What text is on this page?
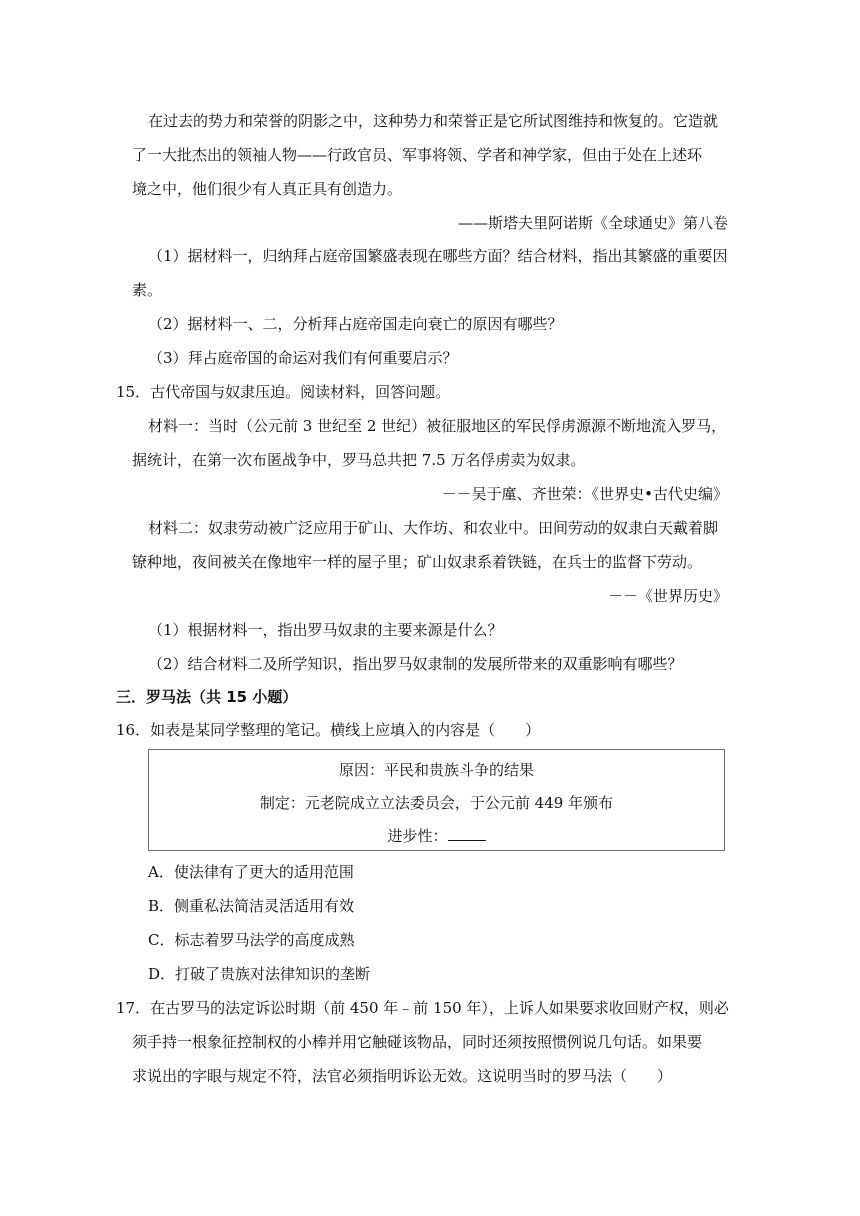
在过去的势力和荣誉的阴影之中，这种势力和荣誉正是它所试图维持和恢复的。它造就
了一大批杰出的领袖人物——行政官员、军事将领、学者和神学家，但由于处在上述环
境之中，他们很少有人真正具有创造力。
——斯塔夫里阿诺斯《全球通史》第八卷
（1）据材料一，归纳拜占庭帝国繁盛表现在哪些方面？结合材料，指出其繁盛的重要因
素。
（2）据材料一、二，分析拜占庭帝国走向衰亡的原因有哪些？
（3）拜占庭帝国的命运对我们有何重要启示？
15．古代帝国与奴隶压迫。阅读材料，回答问题。
材料一：当时（公元前 3 世纪至 2 世纪）被征服地区的军民俘虏源源不断地流入罗马，
据统计，在第一次布匿战争中，罗马总共把 7.5 万名俘虏卖为奴隶。
－－吴于廑、齐世荣：《世界史•古代史编》
材料二：奴隶劳动被广泛应用于矿山、大作坊、和农业中。田间劳动的奴隶白天戴着脚
镣种地，夜间被关在像地牢一样的屋子里；矿山奴隶系着铁链，在兵士的监督下劳动。
－－《世界历史》
（1）根据材料一，指出罗马奴隶的主要来源是什么？
（2）结合材料二及所学知识，指出罗马奴隶制的发展所带来的双重影响有哪些？
三．罗马法（共 15 小题）
16．如表是某同学整理的笔记。横线上应填入的内容是（　　）
原因：平民和贵族斗争的结果
制定：元老院成立立法委员会，于公元前 449 年颁布
进步性：
A．使法律有了更大的适用范围
B．侧重私法简洁灵活适用有效
C．标志着罗马法学的高度成熟
D．打破了贵族对法律知识的垄断
17．在古罗马的法定诉讼时期（前 450 年﹣前 150 年），上诉人如果要求收回财产权，则必
须手持一根象征控制权的小棒并用它触碰该物品，同时还须按照惯例说几句话。如果要
求说出的字眼与规定不符，法官必须指明诉讼无效。这说明当时的罗马法（　　）
